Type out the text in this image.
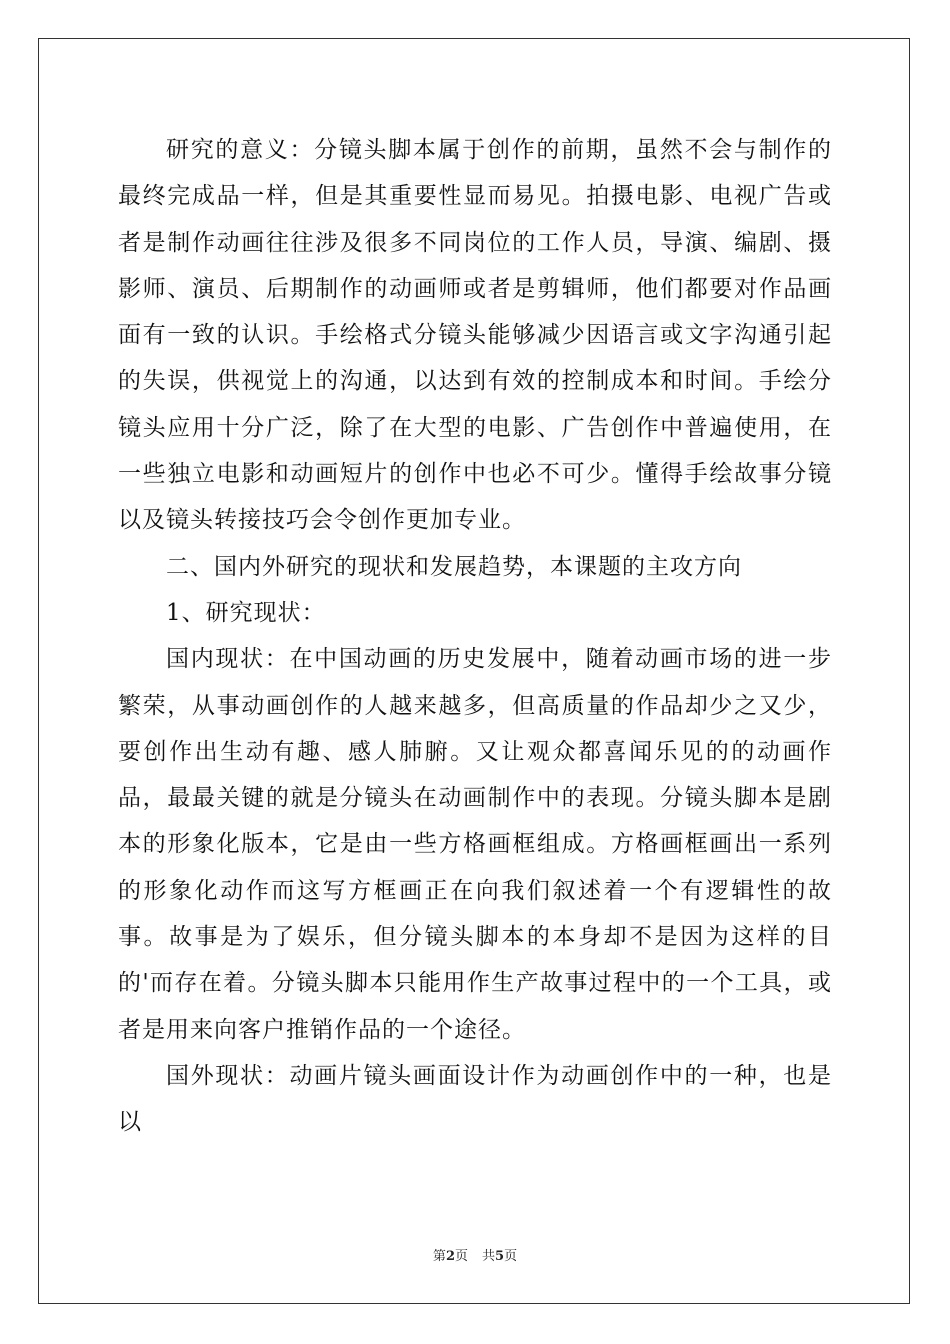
研究的意义：分镜头脚本属于创作的前期，虽然不会与制作的最终完成品一样，但是其重要性显而易见。拍摄电影、电视广告或者是制作动画往往涉及很多不同岗位的工作人员，导演、编剧、摄影师、演员、后期制作的动画师或者是剪辑师，他们都要对作品画面有一致的认识。手绘格式分镜头能够减少因语言或文字沟通引起的失误，供视觉上的沟通，以达到有效的控制成本和时间。手绘分镜头应用十分广泛，除了在大型的电影、广告创作中普遍使用，在一些独立电影和动画短片的创作中也必不可少。懂得手绘故事分镜以及镜头转接技巧会令创作更加专业。

二、国内外研究的现状和发展趋势，本课题的主攻方向

1、研究现状：

国内现状：在中国动画的历史发展中，随着动画市场的进一步繁荣，从事动画创作的人越来越多，但高质量的作品却少之又少，要创作出生动有趣、感人肺腑。又让观众都喜闻乐见的的动画作品，最最关键的就是分镜头在动画制作中的表现。分镜头脚本是剧本的形象化版本，它是由一些方格画框组成。方格画框画出一系列的形象化动作而这写方框画正在向我们叙述着一个有逻辑性的故事。故事是为了娱乐，但分镜头脚本的本身却不是因为这样的目的'而存在着。分镜头脚本只能用作生产故事过程中的一个工具，或者是用来向客户推销作品的一个途径。

国外现状：动画片镜头画面设计作为动画创作中的一种，也是以

第2页 共5页
